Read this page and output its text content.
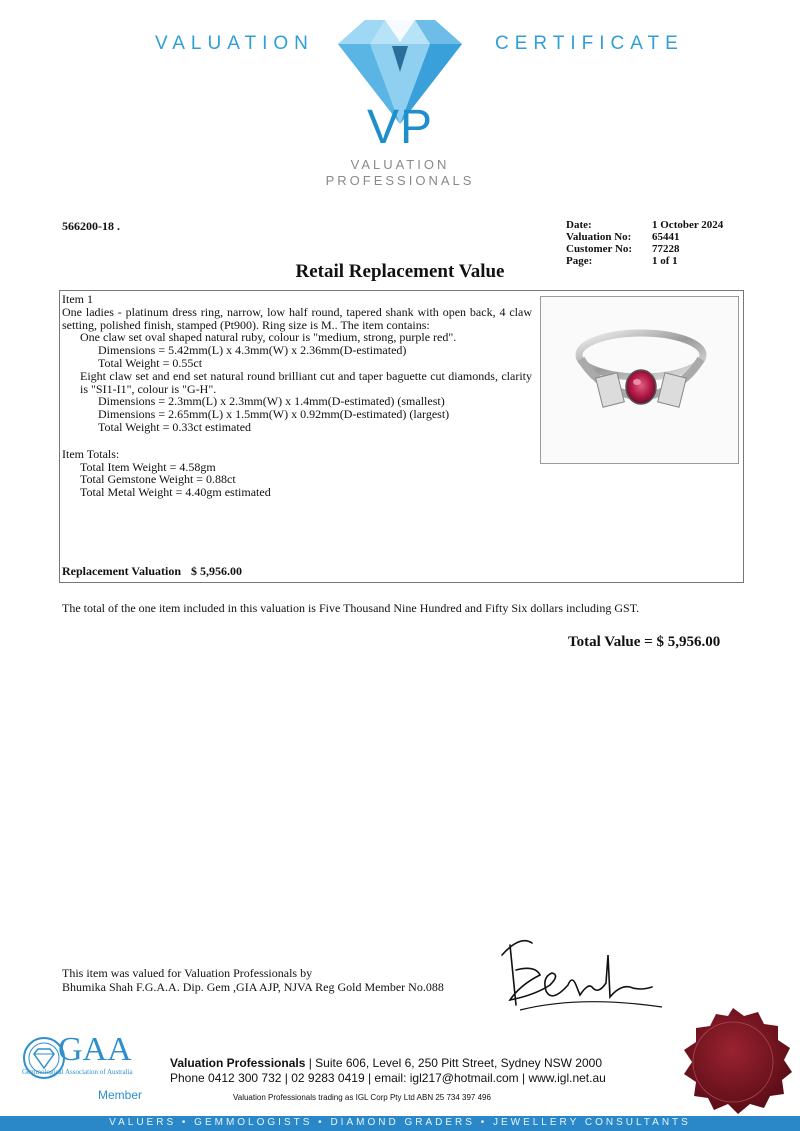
VALUATION	CERTIFICATE
VP
VALUATION
PROFESSIONALS
566200-18 .	Date:	1 October 2024
Valuation No:	65441
Customer No:	77228
Page:	1 of 1
Retail Replacement Value

Item 1

One ladies - platinum dress ring, narrow, low half round, tapered shank with open back, 4 claw setting, polished finish, stamped (Pt900). Ring size is M.. The item contains:

One claw set oval shaped natural ruby, colour is "medium, strong, purple red".

Dimensions = 5.42mm(L) x 4.3mm(W) x 2.36mm(D-estimated)

Total Weight = 0.55ct

Eight claw set and end set natural round brilliant cut and taper baguette cut diamonds, clarity is "SI1-I1", colour is "G-H".

Dimensions = 2.3mm(L) x 2.3mm(W) x 1.4mm(D-estimated) (smallest)

Dimensions = 2.65mm(L) x 1.5mm(W) x 0.92mm(D-estimated) (largest)

Total Weight = 0.33ct estimated

Item Totals:

Total Item Weight = 4.58gm

Total Gemstone Weight = 0.88ct

Total Metal Weight = 4.40gm estimated

Replacement Valuation $ 5,956.00
The total of the one item included in this valuation is Five Thousand Nine Hundred and Fifty Six dollars including GST.
Total Value = $ 5,956.00
This item was valued for Valuation Professionals by
Bhumika Shah F.G.A.A. Dip. Gem ,GIA AJP, NJVA Reg Gold Member No.088
GAA
Gemmological Association of Australia
Member
Valuation Professionals | Suite 606, Level 6, 250 Pitt Street, Sydney NSW 2000
Phone 0412 300 732 | 02 9283 0419 | email: igl217@hotmail.com | www.igl.net.au
Valuation Professionals trading as IGL Corp Pty Ltd ABN 25 734 397 496
VALUERS • GEMMOLOGISTS • DIAMOND GRADERS • JEWELLERY CONSULTANTS
